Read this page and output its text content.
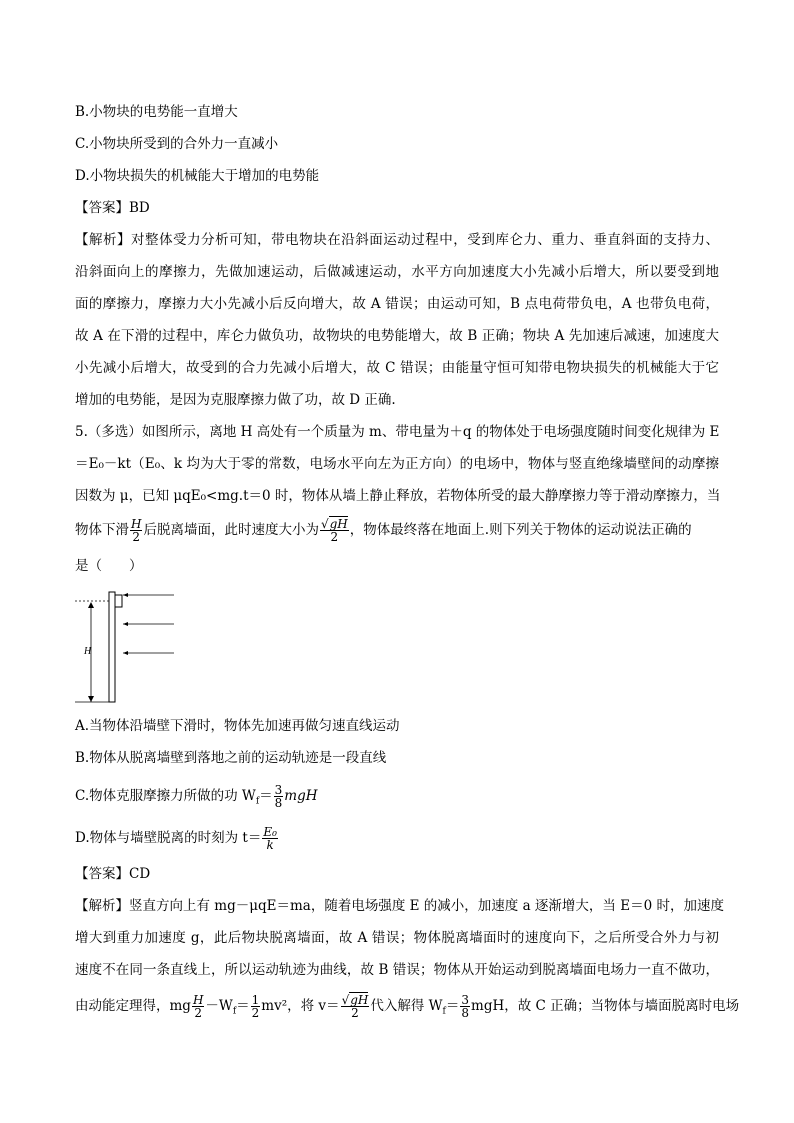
B.小物块的电势能一直增大
C.小物块所受到的合外力一直减小
D.小物块损失的机械能大于增加的电势能
【答案】BD
【解析】对整体受力分析可知，带电物块在沿斜面运动过程中，受到库仑力、重力、垂直斜面的支持力、
沿斜面向上的摩擦力，先做加速运动，后做减速运动，水平方向加速度大小先减小后增大，所以要受到地
面的摩擦力，摩擦力大小先减小后反向增大，故 A 错误；由运动可知，B 点电荷带负电，A 也带负电荷，
故 A 在下滑的过程中，库仑力做负功，故物块的电势能增大，故 B 正确；物块 A 先加速后减速，加速度大
小先减小后增大，故受到的合力先减小后增大，故 C 错误；由能量守恒可知带电物块损失的机械能大于它
增加的电势能，是因为克服摩擦力做了功，故 D 正确.
5.（多选）如图所示，离地 H 高处有一个质量为 m、带电量为＋q 的物体处于电场强度随时间变化规律为 E
＝E₀－kt（E₀、k 均为大于零的常数，电场水平向左为正方向）的电场中，物体与竖直绝缘墙壁间的动摩擦
因数为 μ，已知 μqE₀<mg.t＝0 时，物体从墙上静止释放，若物体所受的最大静摩擦力等于滑动摩擦力，当
物体下滑 $\frac{H}{2}$ 后脱离墙面，此时速度大小为 $\frac{√gH}{2}$ ，物体最终落在地面上.则下列关于物体的运动说法正确的
是（　　）
H
A.当物体沿墙壁下滑时，物体先加速再做匀速直线运动
B.物体从脱离墙壁到落地之前的运动轨迹是一段直线
C.物体克服摩擦力所做的功 $W_f= \frac{3}{8}$ mgH
D.物体与墙壁脱离的时刻为 $t= \frac{\text{E₀}}{k}$
【答案】CD
【解析】竖直方向上有 mg－μqE＝ma，随着电场强度 E 的减小，加速度 a 逐渐增大，当 E＝0 时，加速度
增大到重力加速度 g，此后物块脱离墙面，故 A 错误；物体脱离墙面时的速度向下，之后所受合外力与初
速度不在同一条直线上，所以运动轨迹为曲线，故 B 错误；物体从开始运动到脱离墙面电场力一直不做功，
由动能定理得，mg $\frac{H}{2} -W_f= \frac{1}{2} mv^2$，将 $v= \frac{√gH}{2}$ 代入解得 $W_f= \frac{3}{8}$ mgH，故 C 正确；当物体与墙面脱离时电场
